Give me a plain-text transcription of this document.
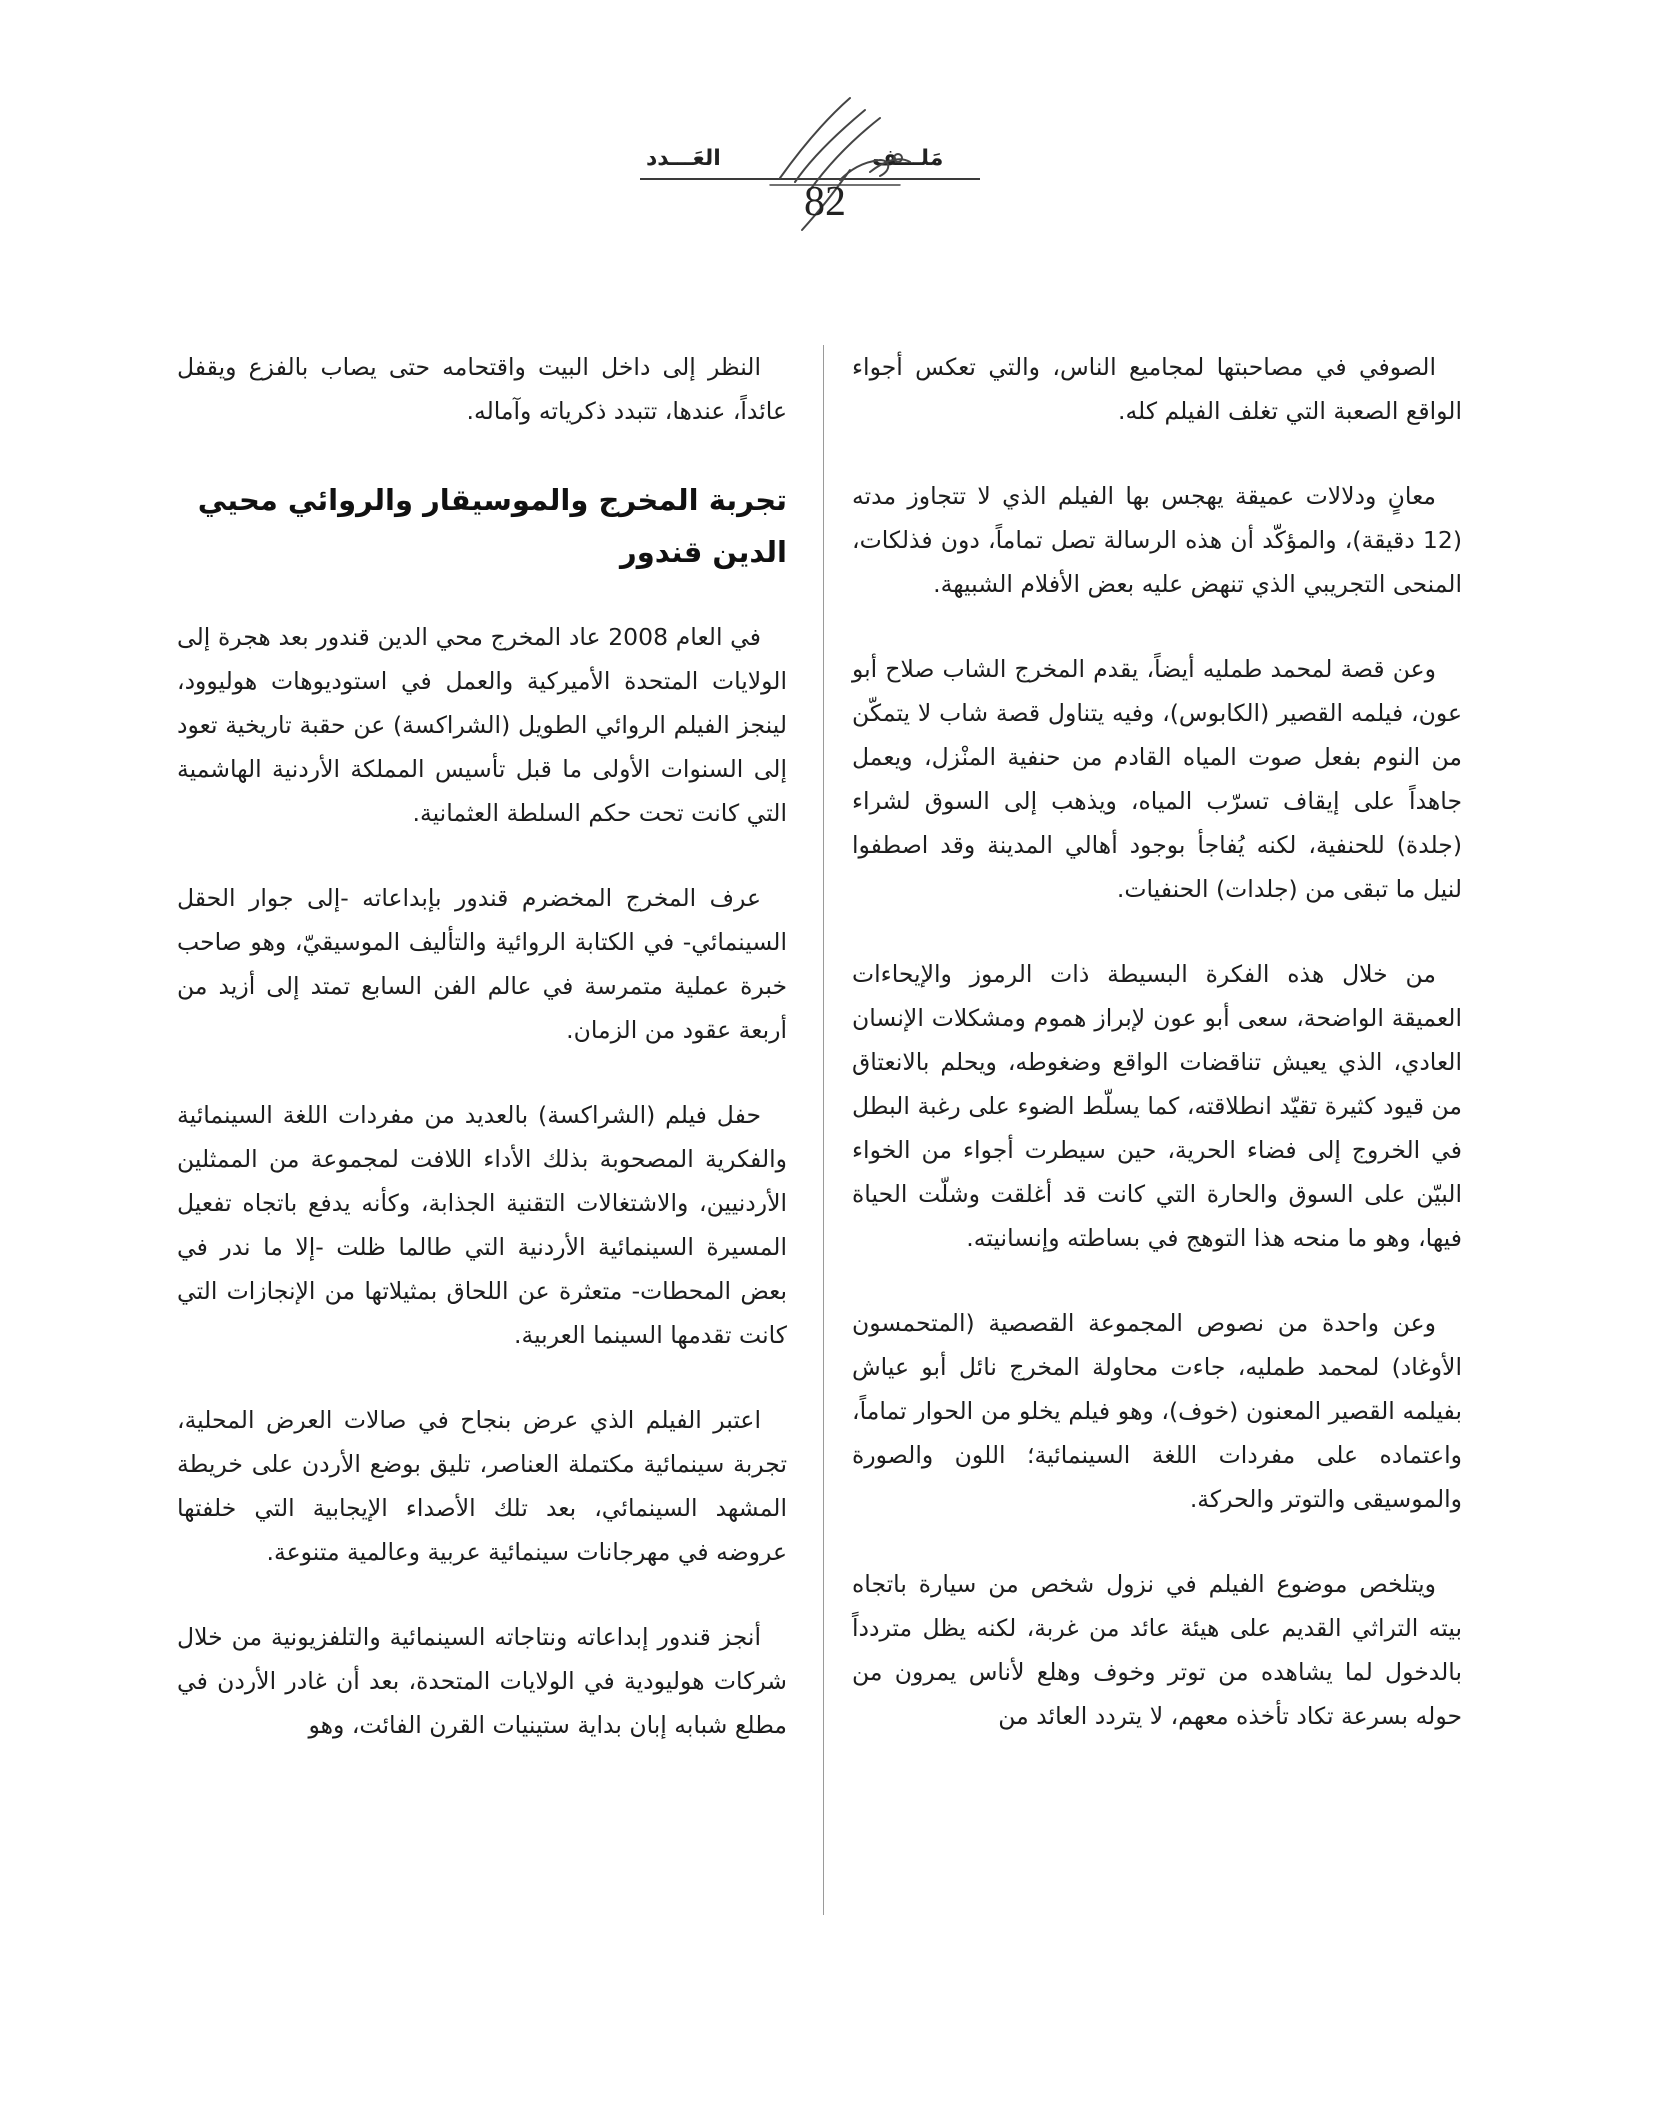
مَلـــف
العَـــدد
82

الصوفي في مصاحبتها لمجاميع الناس، والتي تعكس أجواء الواقع الصعبة التي تغلف الفيلم كله.

معانٍ ودلالات عميقة يهجس بها الفيلم الذي لا تتجاوز مدته (12 دقيقة)، والمؤكّد أن هذه الرسالة تصل تماماً، دون فذلكات، المنحى التجريبي الذي تنهض عليه بعض الأفلام الشبيهة.

وعن قصة لمحمد طمليه أيضاً، يقدم المخرج الشاب صلاح أبو عون، فيلمه القصير (الكابوس)، وفيه يتناول قصة شاب لا يتمكّن من النوم بفعل صوت المياه القادم من حنفية المنْزل، ويعمل جاهداً على إيقاف تسرّب المياه، ويذهب إلى السوق لشراء (جلدة) للحنفية، لكنه يُفاجأ بوجود أهالي المدينة وقد اصطفوا لنيل ما تبقى من (جلدات) الحنفيات.

من خلال هذه الفكرة البسيطة ذات الرموز والإيحاءات العميقة الواضحة، سعى أبو عون لإبراز هموم ومشكلات الإنسان العادي، الذي يعيش تناقضات الواقع وضغوطه، ويحلم بالانعتاق من قيود كثيرة تقيّد انطلاقته، كما يسلّط الضوء على رغبة البطل في الخروج إلى فضاء الحرية، حين سيطرت أجواء من الخواء البيّن على السوق والحارة التي كانت قد أغلقت وشلّت الحياة فيها، وهو ما منحه هذا التوهج في بساطته وإنسانيته.

وعن واحدة من نصوص المجموعة القصصية (المتحمسون الأوغاد) لمحمد طمليه، جاءت محاولة المخرج نائل أبو عياش بفيلمه القصير المعنون (خوف)، وهو فيلم يخلو من الحوار تماماً، واعتماده على مفردات اللغة السينمائية؛ اللون والصورة والموسيقى والتوتر والحركة.

ويتلخص موضوع الفيلم في نزول شخص من سيارة باتجاه بيته التراثي القديم على هيئة عائد من غربة، لكنه يظل متردداً بالدخول لما يشاهده من توتر وخوف وهلع لأناس يمرون من حوله بسرعة تكاد تأخذه معهم، لا يتردد العائد من

النظر إلى داخل البيت واقتحامه حتى يصاب بالفزع ويقفل عائداً، عندها، تتبدد ذكرياته وآماله.

تجربة المخرج والموسيقار والروائي محيي الدين قندور

في العام 2008 عاد المخرج محي الدين قندور بعد هجرة إلى الولايات المتحدة الأميركية والعمل في استوديوهات هوليوود، لينجز الفيلم الروائي الطويل (الشراكسة) عن حقبة تاريخية تعود إلى السنوات الأولى ما قبل تأسيس المملكة الأردنية الهاشمية التي كانت تحت حكم السلطة العثمانية.

عرف المخرج المخضرم قندور بإبداعاته -إلى جوار الحقل السينمائي- في الكتابة الروائية والتأليف الموسيقيّ، وهو صاحب خبرة عملية متمرسة في عالم الفن السابع تمتد إلى أزيد من أربعة عقود من الزمان.

حفل فيلم (الشراكسة) بالعديد من مفردات اللغة السينمائية والفكرية المصحوبة بذلك الأداء اللافت لمجموعة من الممثلين الأردنيين، والاشتغالات التقنية الجذابة، وكأنه يدفع باتجاه تفعيل المسيرة السينمائية الأردنية التي طالما ظلت -إلا ما ندر في بعض المحطات- متعثرة عن اللحاق بمثيلاتها من الإنجازات التي كانت تقدمها السينما العربية.

اعتبر الفيلم الذي عرض بنجاح في صالات العرض المحلية، تجربة سينمائية مكتملة العناصر، تليق بوضع الأردن على خريطة المشهد السينمائي، بعد تلك الأصداء الإيجابية التي خلفتها عروضه في مهرجانات سينمائية عربية وعالمية متنوعة.

أنجز قندور إبداعاته ونتاجاته السينمائية والتلفزيونية من خلال شركات هوليودية في الولايات المتحدة، بعد أن غادر الأردن في مطلع شبابه إبان بداية ستينيات القرن الفائت، وهو
